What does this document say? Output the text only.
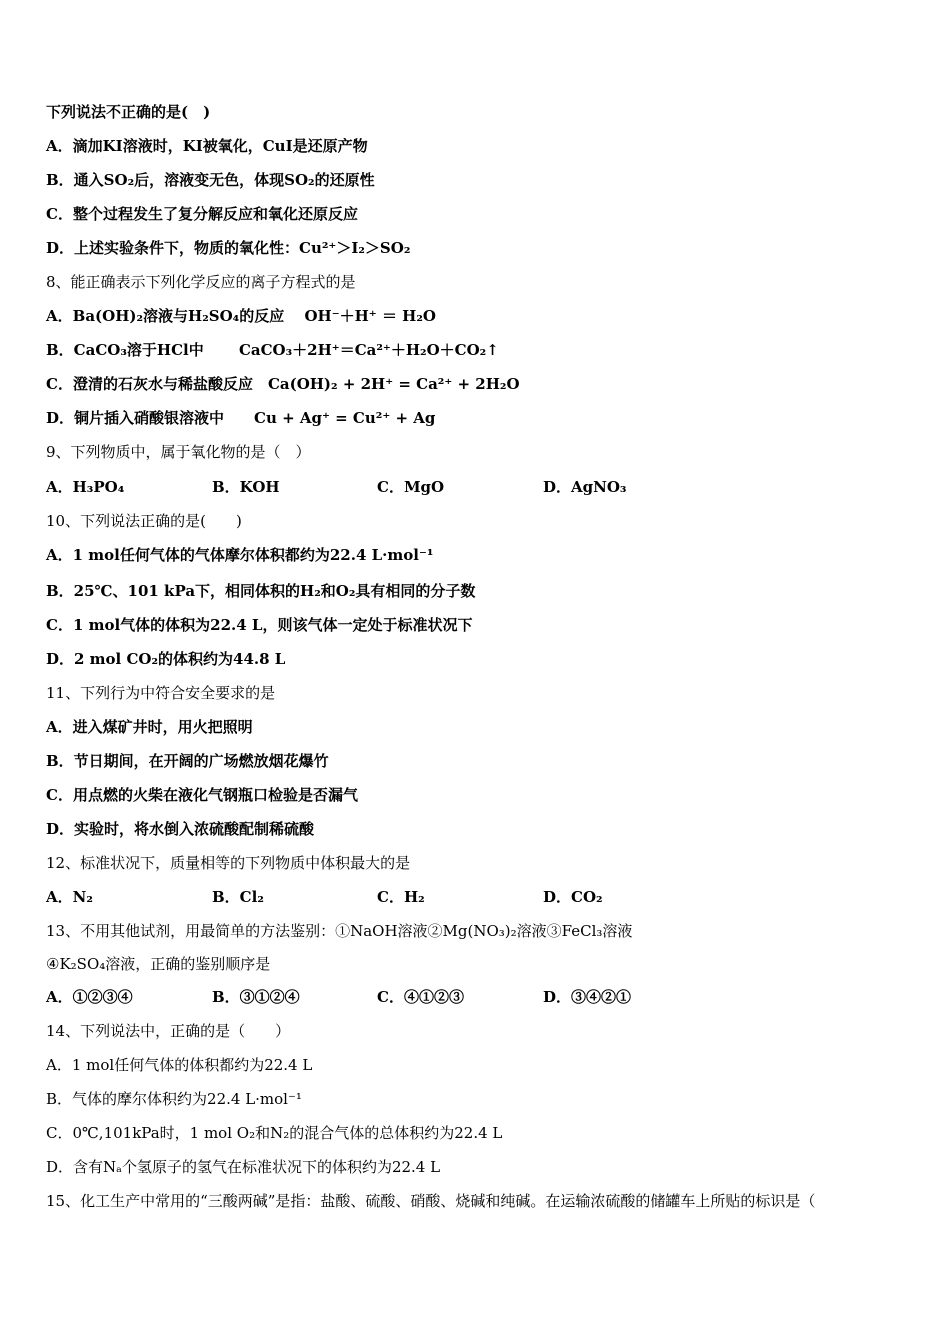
下列说法不正确的是(　)
A．滴加KI溶液时，KI被氧化，CuI是还原产物
B．通入SO₂后，溶液变无色，体现SO₂的还原性
C．整个过程发生了复分解反应和氧化还原反应
D．上述实验条件下，物质的氧化性：Cu²⁺＞I₂＞SO₂
8、能正确表示下列化学反应的离子方程式的是
A．Ba(OH)₂溶液与H₂SO₄的反应　 OH⁻＋H⁺ ＝ H₂O
B．CaCO₃溶于HCl中　　 CaCO₃＋2H⁺＝Ca²⁺＋H₂O＋CO₂↑
C．澄清的石灰水与稀盐酸反应　Ca(OH)₂ + 2H⁺ = Ca²⁺ + 2H₂O
D．铜片插入硝酸银溶液中　　Cu + Ag⁺ = Cu²⁺ + Ag
9、下列物质中，属于氧化物的是（　）
A．H₃PO₄	B．KOH	C．MgO	D．AgNO₃
10、下列说法正确的是(　　)
A．1 mol任何气体的气体摩尔体积都约为22.4 L·mol⁻¹
B．25℃、101 kPa下，相同体积的H₂和O₂具有相同的分子数
C．1 mol气体的体积为22.4 L，则该气体一定处于标准状况下
D．2 mol CO₂的体积约为44.8 L
11、下列行为中符合安全要求的是
A．进入煤矿井时，用火把照明
B．节日期间，在开阔的广场燃放烟花爆竹
C．用点燃的火柴在液化气钢瓶口检验是否漏气
D．实验时，将水倒入浓硫酸配制稀硫酸
12、标准状况下，质量相等的下列物质中体积最大的是
A．N₂	B．Cl₂	C．H₂	D．CO₂
13、不用其他试剂，用最简单的方法鉴别：①NaOH溶液②Mg(NO₃)₂溶液③FeCl₃溶液
④K₂SO₄溶液，正确的鉴别顺序是
A．①②③④	B．③①②④	C．④①②③	D．③④②①
14、下列说法中，正确的是（　　）
A．1 mol任何气体的体积都约为22.4 L
B．气体的摩尔体积约为22.4 L·mol⁻¹
C．0℃,101kPa时，1 mol O₂和N₂的混合气体的总体积约为22.4 L
D．含有Nₐ个氢原子的氢气在标准状况下的体积约为22.4 L
15、化工生产中常用的“三酸两碱”是指：盐酸、硫酸、硝酸、烧碱和纯碱。在运输浓硫酸的储罐车上所贴的标识是（
